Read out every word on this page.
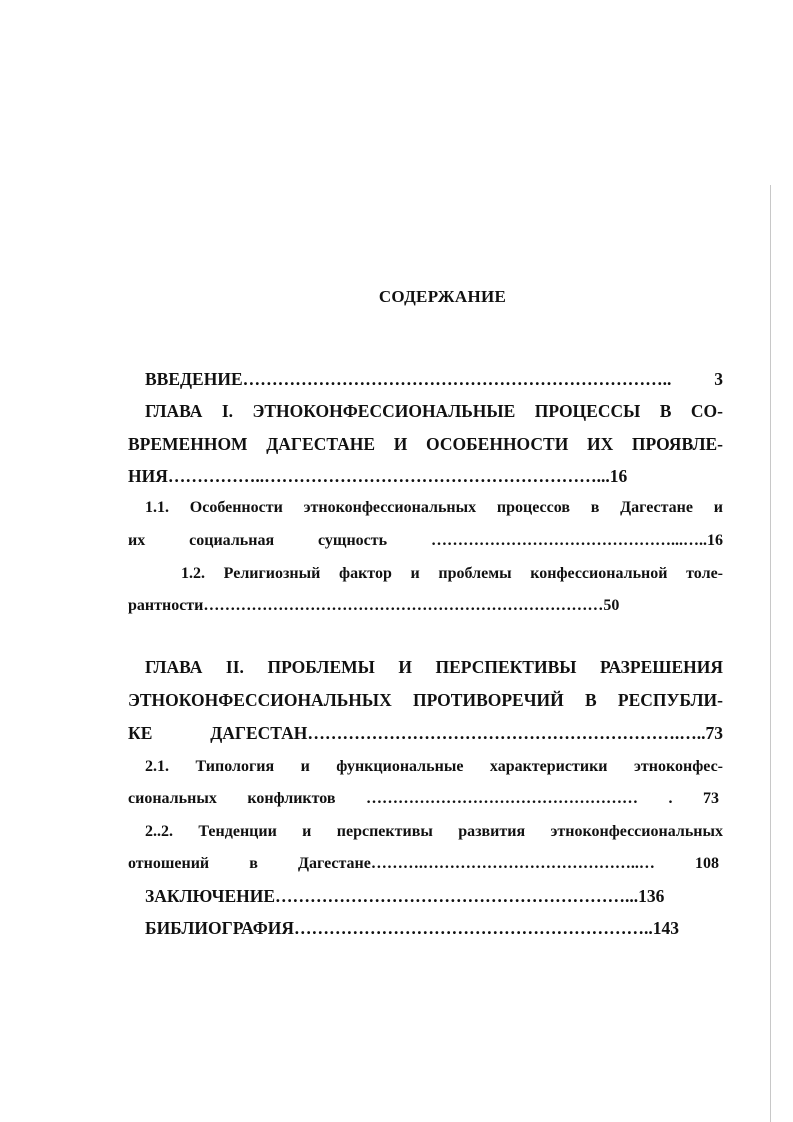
СОДЕРЖАНИЕ

ВВЕДЕНИЕ……………………………………………………………….. 3

ГЛАВА I. ЭТНОКОНФЕССИОНАЛЬНЫЕ ПРОЦЕССЫ В СО-

ВРЕМЕННОМ ДАГЕСТАНЕ И ОСОБЕННОСТИ ИХ ПРОЯВЛЕ-

НИЯ……………..…………………………………………………...16

1.1. Особенности этноконфессиональных процессов в Дагестане и

их социальная сущность ………………………………………...…..16

1.2. Религиозный фактор и проблемы конфессиональной толе-

рантности…………………………………………………………………50

ГЛАВА II. ПРОБЛЕМЫ И ПЕРСПЕКТИВЫ РАЗРЕШЕНИЯ

ЭТНОКОНФЕССИОНАЛЬНЫХ ПРОТИВОРЕЧИЙ В РЕСПУБЛИ-

КЕ ДАГЕСТАН……………………………………………………….…..73

2.1. Типология и функциональные характеристики этноконфес-

сиональных конфликтов …………………………………………… . 73

2..2. Тенденции и перспективы развития этноконфессиональных

отношений в Дагестане……….…………………………………..… 108

ЗАКЛЮЧЕНИЕ……………………………………………………...136

БИБЛИОГРАФИЯ……………………………………………………..143
